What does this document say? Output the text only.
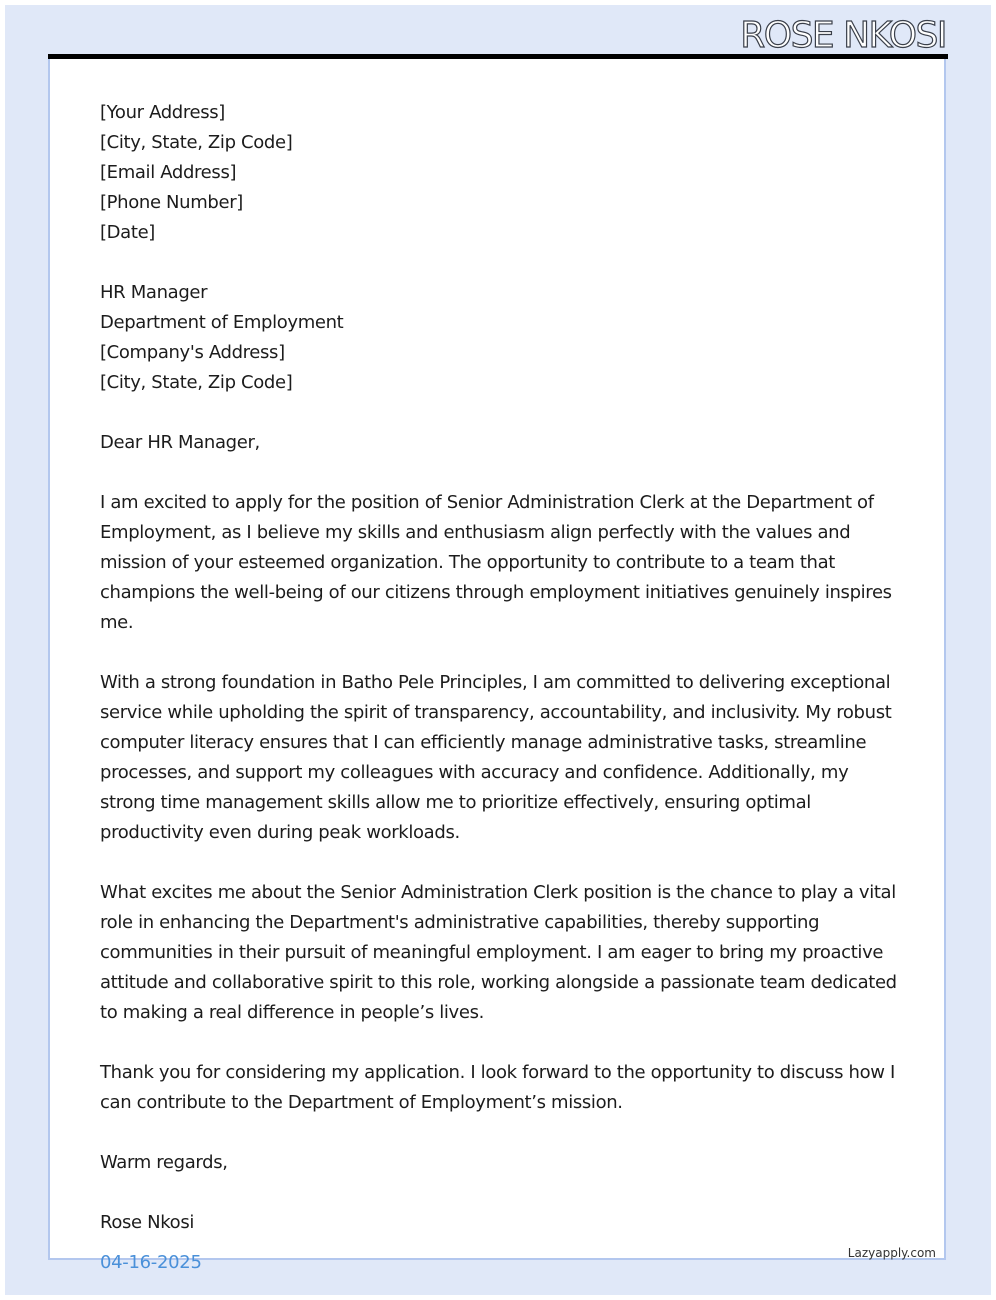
ROSE NKOSI
[Your Address]
[City, State, Zip Code]
[Email Address]
[Phone Number]
[Date]
HR Manager
Department of Employment
[Company's Address]
[City, State, Zip Code]
Dear HR Manager,
I am excited to apply for the position of Senior Administration Clerk at the Department of Employment, as I believe my skills and enthusiasm align perfectly with the values and mission of your esteemed organization. The opportunity to contribute to a team that champions the well-being of our citizens through employment initiatives genuinely inspires me.
With a strong foundation in Batho Pele Principles, I am committed to delivering exceptional service while upholding the spirit of transparency, accountability, and inclusivity. My robust computer literacy ensures that I can efficiently manage administrative tasks, streamline processes, and support my colleagues with accuracy and confidence. Additionally, my strong time management skills allow me to prioritize effectively, ensuring optimal productivity even during peak workloads.
What excites me about the Senior Administration Clerk position is the chance to play a vital role in enhancing the Department's administrative capabilities, thereby supporting communities in their pursuit of meaningful employment. I am eager to bring my proactive attitude and collaborative spirit to this role, working alongside a passionate team dedicated to making a real difference in people’s lives.
Thank you for considering my application. I look forward to the opportunity to discuss how I can contribute to the Department of Employment’s mission.
Warm regards,
Rose Nkosi
04-16-2025	Lazyapply.com
